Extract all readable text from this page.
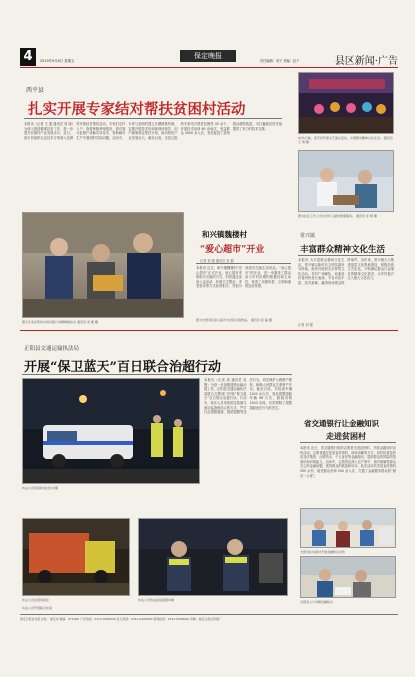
4	2019年9月6日 星期五
保定晚报
责任编辑：刘子 美编：赵子	县区新闻·广告
西平县
扎实开展专家结对帮扶贫困村活动
本报讯（记者 王 通 通讯员 刘 刚）为深入推进精准扶贫工作，进一步提升贫困村产业发展水平，近日，西平县组织农业技术专家深入贫困村开展结对帮扶活动。专家们走村入户，查看种植养殖情况，面对面为贫困户讲解实用技术，帮助解决生产中遇到的实际问题。活动中，专家与贫困村建立长期联系机制，定期开展技术培训和现场指导，因户施策制定帮扶计划，推动特色产业发展壮大。截至目前，全县已组织专家结对帮扶贫困村 40 余个，开展技术培训 60 余场次，受益群众 3000 余人次，有效促进了贫困群众增收致富，为打赢脱贫攻坚战提供了有力的技术支撑。
图为专家在帮扶村向贫困户讲解种植技术 通讯员 刘 刚 摄
9月5日晚，西平县开展文艺演出活动，丰富群众精神文化生活。 通讯员 王 海 摄
图为社区工作人员为老年人提供健康服务。 通讯员 李 明 摄
和兴镇魏楼村
“爱心超市”开业
记者 刘 强 通讯员 孙 磊
本报讯 近日，和兴镇魏楼村“爱心超市”正式开业。爱心超市采取积分兑换的方式，村民通过参加公益活动、环境卫生整治、孝老爱亲等方式获得积分，凭积分到超市兑换生活用品。“爱心超市”的开业，进一步激发了群众参与乡村治理的积极性和主动性，营造了崇德向善、文明和谐的良好氛围。
图为志愿者在爱心超市为村民兑换物品。 通讯员 孙 磊 摄
常兴镇
丰富群众精神文化生活
本报讯 为丰富群众精神文化生活，常兴镇以新时代文明实践所为阵地，组织开展形式多样的文化活动。各村广场舞队、戏曲爱好者纷纷登台表演，节目内容丰富、形式新颖，赢得现场观众阵阵掌声。近年来，常兴镇大力推进基层文化阵地建设，积极培育文艺队伍，不断满足群众日益增长的精神文化需求，为乡村振兴注入强大文化动力。
记者 刘 强
正阳县交通运输执法局
开展“保卫蓝天”百日联合治超行动
执法人员夜间检查过往车辆
本报讯（记者 周 通讯员 吴 刚）为进一步加强道路运输治超工作，正阳县交通运输执法局联合交警部门开展“保卫蓝天”百日联合治超行动。行动中，执法人员采取固定检测与流动巡查相结合的方式，严厉打击超限超载、抛洒遗撒等违法行为，切实保护公路路产路权，保障人民群众生命财产安全。截至目前，共检查车辆 1200 余台次，查处超限超载车辆 96 台次，卸载货物 1500 余吨，有效遏制了超限超载违法行为的发生。
执法人员在现场查处	执法人员依法查处超限车辆
省交通银行让金融知识
走进贫困村
本报讯 近日，省交通银行组织志愿者走进贫困村，开展金融知识宣传活动。志愿者通过发放宣传资料、现场讲解等方式，向村民普及防范非法集资、反假货币、个人征信等金融知识，提高群众的风险防范意识和识别能力。活动中，志愿者还深入农户家中，面对面解答群众关心的金融问题，受到群众的欢迎和好评。此次活动共发放宣传资料 500 余份，接受群众咨询 200 余人次，打通了金融服务群众的“最后一公里”。
志愿者在贫困村开展金融知识宣传
志愿者入户讲解金融知识
执法人员开展联合检查
保定日报社出版 社址：保定市 邮编：071000 广告热线：0312-0000000 发行热线：0312-0000000 新闻热线：0312-0000000 印刷：保定日报社印刷厂
